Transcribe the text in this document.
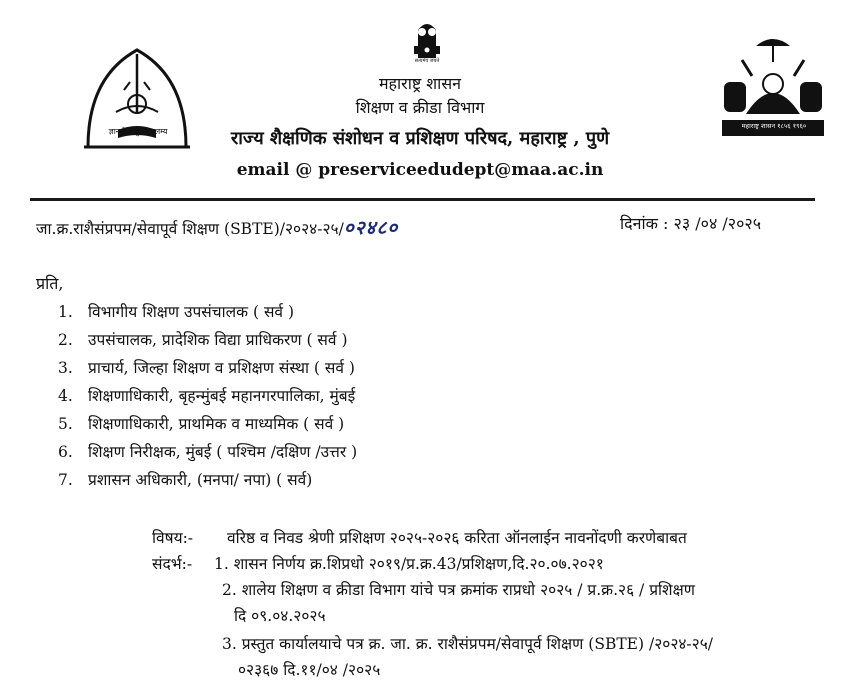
ज्ञानसेवा नु माफलम्य
सत्यमेव जयते
महाराष्ट्र शासन १८५६ १९६०
महाराष्ट्र शासन
शिक्षण व क्रीडा विभाग
राज्य शैक्षणिक संशोधन व प्रशिक्षण परिषद, महाराष्ट्र , पुणे
email @ preserviceedudept@maa.ac.in
जा.क्र.राशैसंप्रपम/सेवापूर्व शिक्षण (SBTE)/२०२४-२५/०२४८०	दिनांक : २३ /०४ /२०२५
प्रति,
1. विभागीय शिक्षण उपसंचालक ( सर्व )
2. उपसंचालक, प्रादेशिक विद्या प्राधिकरण ( सर्व )
3. प्राचार्य, जिल्हा शिक्षण व प्रशिक्षण संस्था ( सर्व )
4. शिक्षणाधिकारी, बृहन्मुंबई महानगरपालिका, मुंबई
5. शिक्षणाधिकारी, प्राथमिक व माध्यमिक ( सर्व )
6. शिक्षण निरीक्षक, मुंबई ( पश्चिम /दक्षिण /उत्तर )
7. प्रशासन अधिकारी, (मनपा/ नपा) ( सर्व)
विषय:- वरिष्ठ व निवड श्रेणी प्रशिक्षण २०२५-२०२६ करिता ऑनलाईन नावनोंदणी करणेबाबत
संदर्भ:- 1. शासन निर्णय क्र.शिप्रधो २०१९/प्र.क्र.43/प्रशिक्षण,दि.२०.०७.२०२१
2. शालेय शिक्षण व क्रीडा विभाग यांचे पत्र क्रमांक राप्रधो २०२५ / प्र.क्र.२६ / प्रशिक्षण
दि ०९.०४.२०२५
3. प्रस्तुत कार्यालयाचे पत्र क्र. जा. क्र. राशैसंप्रपम/सेवापूर्व शिक्षण (SBTE) /२०२४-२५/
०२३६७ दि.११/०४ /२०२५
